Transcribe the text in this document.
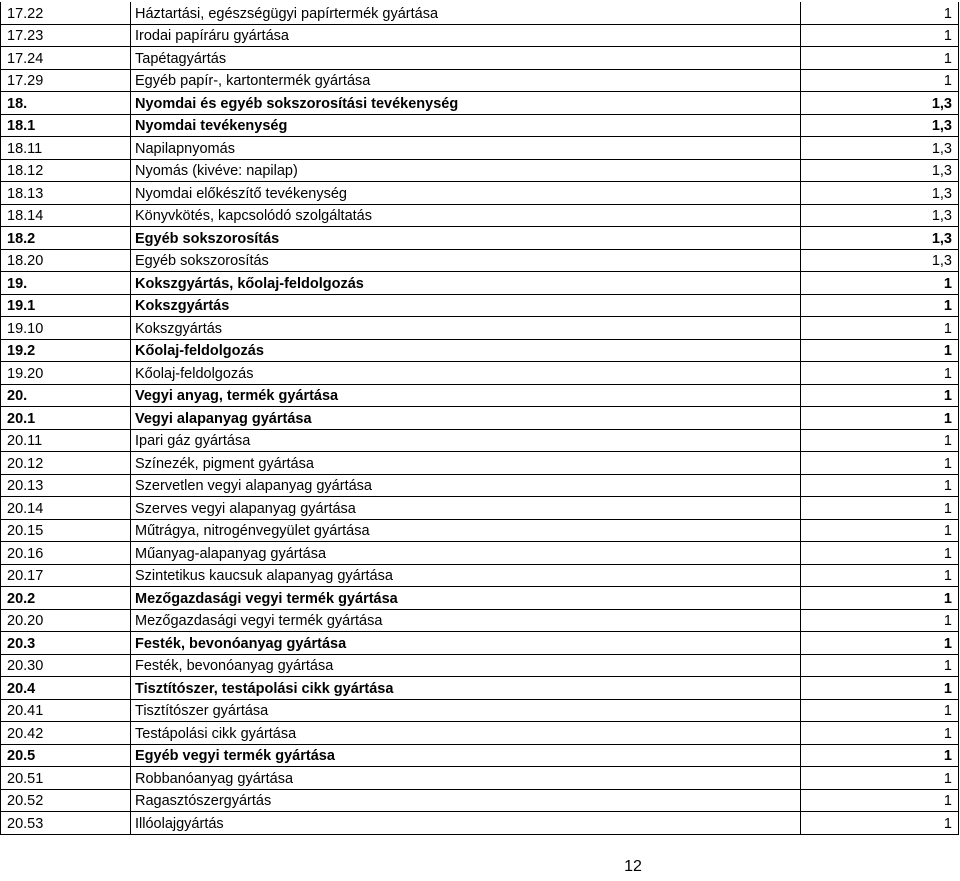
17.22	Háztartási, egészségügyi papírtermék gyártása	1
17.23	Irodai papíráru gyártása	1
17.24	Tapétagyártás	1
17.29	Egyéb papír-, kartontermék gyártása	1
18.	Nyomdai és egyéb sokszorosítási tevékenység	1,3
18.1	Nyomdai tevékenység	1,3
18.11	Napilapnyomás	1,3
18.12	Nyomás (kivéve: napilap)	1,3
18.13	Nyomdai előkészítő tevékenység	1,3
18.14	Könyvkötés, kapcsolódó szolgáltatás	1,3
18.2	Egyéb sokszorosítás	1,3
18.20	Egyéb sokszorosítás	1,3
19.	Kokszgyártás, kőolaj-feldolgozás	1
19.1	Kokszgyártás	1
19.10	Kokszgyártás	1
19.2	Kőolaj-feldolgozás	1
19.20	Kőolaj-feldolgozás	1
20.	Vegyi anyag, termék gyártása	1
20.1	Vegyi alapanyag gyártása	1
20.11	Ipari gáz gyártása	1
20.12	Színezék, pigment gyártása	1
20.13	Szervetlen vegyi alapanyag gyártása	1
20.14	Szerves vegyi alapanyag gyártása	1
20.15	Műtrágya, nitrogénvegyület gyártása	1
20.16	Műanyag-alapanyag gyártása	1
20.17	Szintetikus kaucsuk alapanyag gyártása	1
20.2	Mezőgazdasági vegyi termék gyártása	1
20.20	Mezőgazdasági vegyi termék gyártása	1
20.3	Festék, bevonóanyag gyártása	1
20.30	Festék, bevonóanyag gyártása	1
20.4	Tisztítószer, testápolási cikk gyártása	1
20.41	Tisztítószer gyártása	1
20.42	Testápolási cikk gyártása	1
20.5	Egyéb vegyi termék gyártása	1
20.51	Robbanóanyag gyártása	1
20.52	Ragasztószergyártás	1
20.53	Illóolajgyártás	1
12
